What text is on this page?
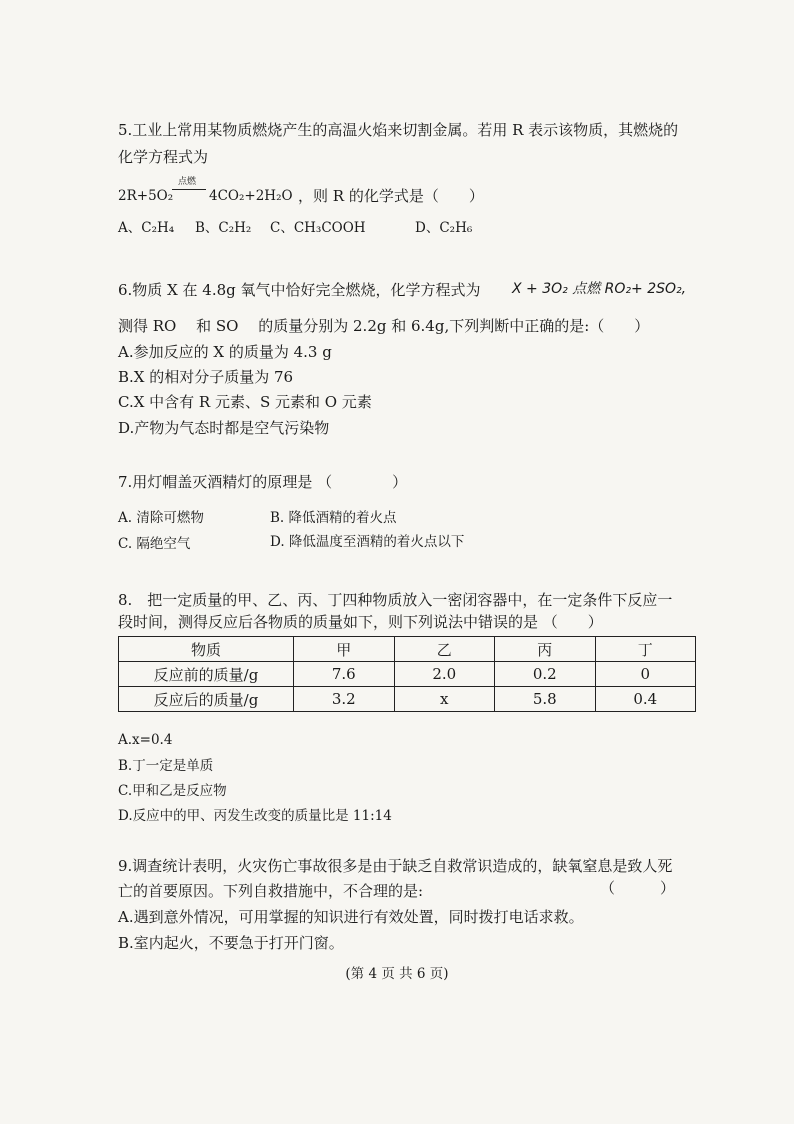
5.工业上常用某物质燃烧产生的高温火焰来切割金属。若用 R 表示该物质，其燃烧的
化学方程式为
2R+5O₂
点燃
4CO₂+2H₂O ，则 R 的化学式是（　　）
A、C₂H₄ B、C₂H₂ C、CH₃COOH	D、C₂H₆
6.物质 X 在 4.8g 氧气中恰好完全燃烧，化学方程式为 X + 3O₂ 点燃 RO₂+ 2SO₂,
测得 RO　 和 SO　 的质量分别为 2.2g 和 6.4g,下列判断中正确的是:（　　）
A.参加反应的 X 的质量为 4.3 g
B.X 的相对分子质量为 76
C.X 中含有 R 元素、S 元素和 O 元素
D.产物为气态时都是空气污染物
7.用灯帽盖灭酒精灯的原理是 （　　　　）
A. 清除可燃物	B. 降低酒精的着火点
C. 隔绝空气	D. 降低温度至酒精的着火点以下
8.　把一定质量的甲、乙、丙、丁四种物质放入一密闭容器中，在一定条件下反应一
段时间，测得反应后各物质的质量如下，则下列说法中错误的是 （　　）
物质	甲	乙	丙	丁
反应前的质量/g	7.6	2.0	0.2	0
反应后的质量/g	3.2	x	5.8	0.4
A.x=0.4
B.丁一定是单质
C.甲和乙是反应物
D.反应中的甲、丙发生改变的质量比是 11:14
9.调查统计表明，火灾伤亡事故很多是由于缺乏自救常识造成的，缺氧窒息是致人死
亡的首要原因。下列自救措施中，不合理的是:	（　　　）
A.遇到意外情况，可用掌握的知识进行有效处置，同时拨打电话求救。
B.室内起火，不要急于打开门窗。
(第 4 页 共 6 页)
